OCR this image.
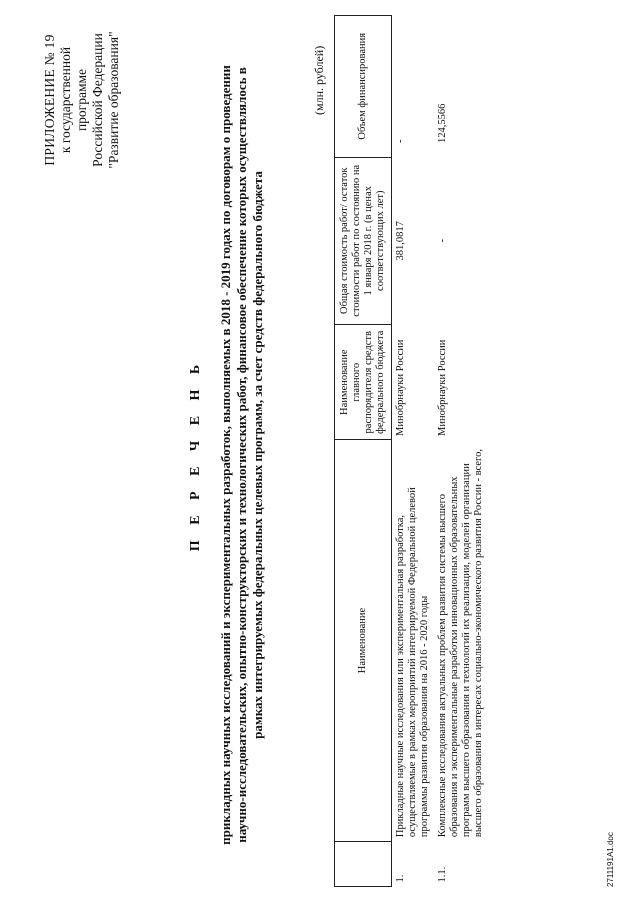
ПРИЛОЖЕНИЕ № 19 к государственной программе Российской Федерации "Развитие образования"
П Е Р Е Ч Е Н Ь прикладных научных исследований и экспериментальных разработок, выполняемых в 2018 - 2019 годах по договорам о проведении научно-исследовательских, опытно-конструкторских и технологических работ, финансовое обеспечение которых осуществлялось в рамках интегрируемых федеральных целевых программ, за счет средств федерального бюджета
(млн. рублей)
	Наименование	Наименование главного распорядителя средств федерального бюджета	Общая стоимость работ/ остаток стоимости работ по состоянию на 1 января 2018 г. (в ценах соответствующих лет)	Объем финансирования
1.	Прикладные научные исследования или экспериментальная разработка, осуществляемые в рамках мероприятий интегрируемой Федеральной целевой программы развития образования на 2016 - 2020 годы	Минобрнауки России	381,0817	-
1.1.	Комплексные исследования актуальных проблем развития системы высшего образования и экспериментальные разработки инновационных образовательных программ высшего образования и технологий их реализации, моделей организации высшего образования в интересах социально-экономического развития России - всего,	Минобрнауки России	-	124,5566
2711191A1.doc
